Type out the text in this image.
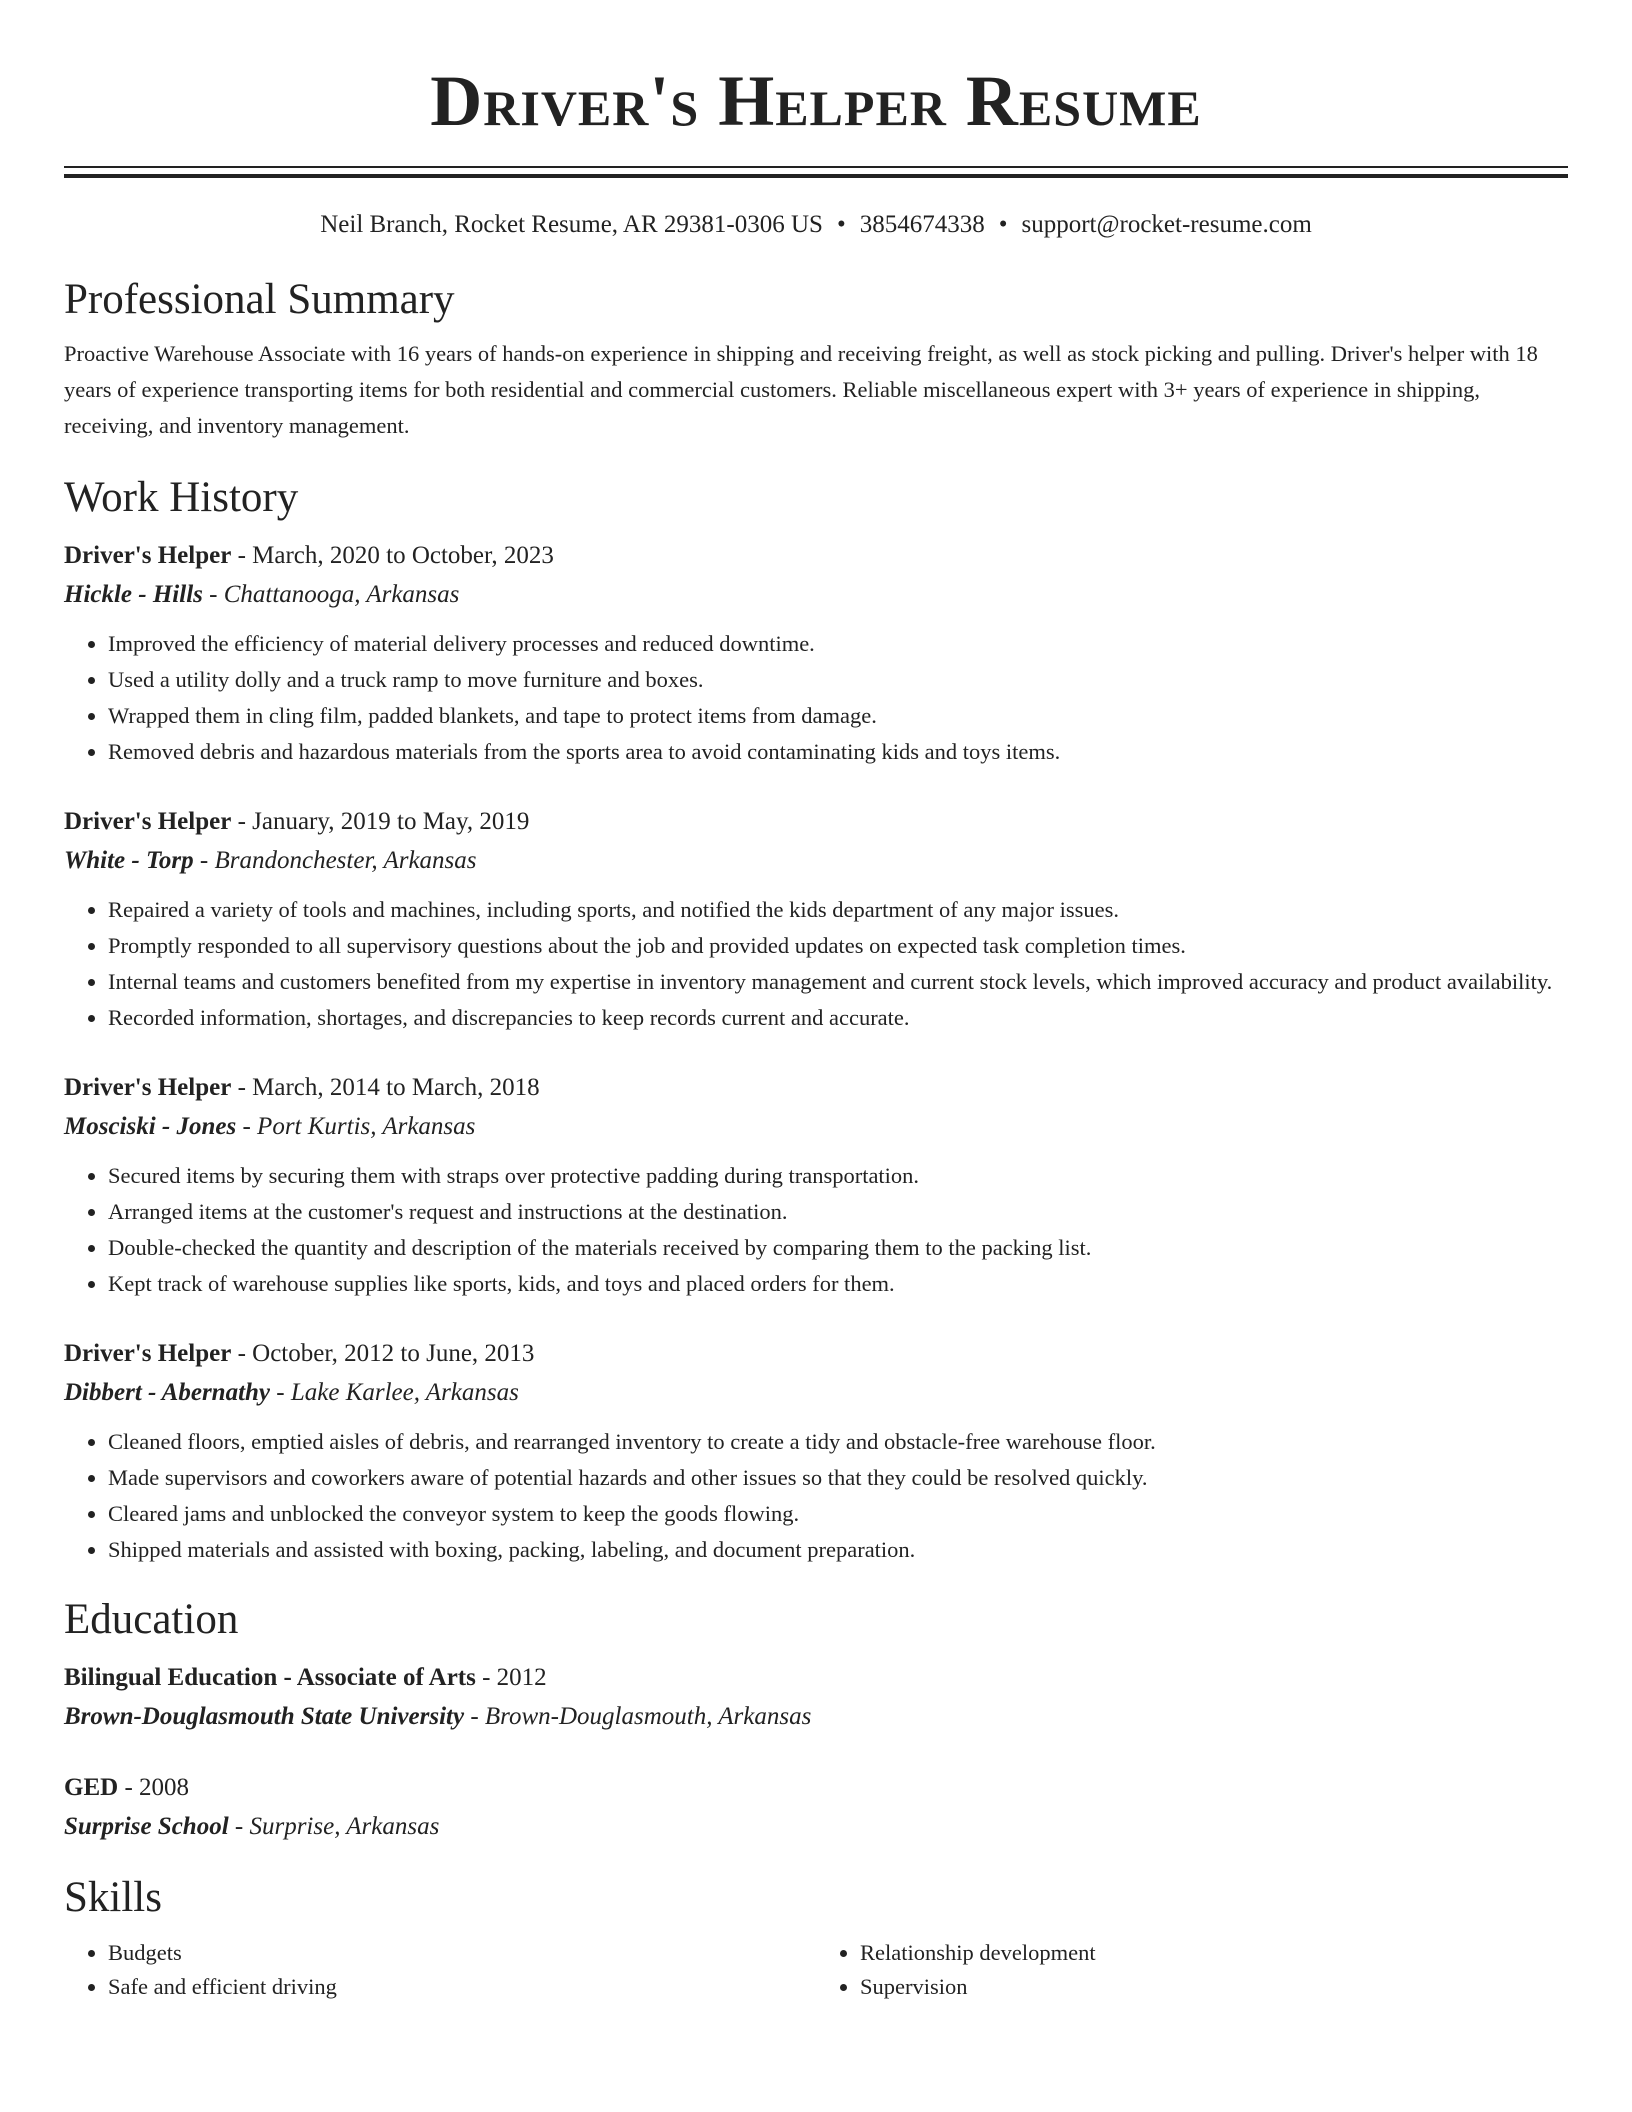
Driver's Helper Resume
Neil Branch, Rocket Resume, AR 29381-0306 US • 3854674338 • support@rocket-resume.com
Professional Summary

Proactive Warehouse Associate with 16 years of hands-on experience in shipping and receiving freight, as well as stock picking and pulling. Driver's helper with 18 years of experience transporting items for both residential and commercial customers. Reliable miscellaneous expert with 3+ years of experience in shipping, receiving, and inventory management.

Work History
Driver's Helper - March, 2020 to October, 2023
Hickle - Hills - Chattanooga, Arkansas
• Improved the efficiency of material delivery processes and reduced downtime.
• Used a utility dolly and a truck ramp to move furniture and boxes.
• Wrapped them in cling film, padded blankets, and tape to protect items from damage.
• Removed debris and hazardous materials from the sports area to avoid contaminating kids and toys items.
Driver's Helper - January, 2019 to May, 2019
White - Torp - Brandonchester, Arkansas
• Repaired a variety of tools and machines, including sports, and notified the kids department of any major issues.
• Promptly responded to all supervisory questions about the job and provided updates on expected task completion times.
• Internal teams and customers benefited from my expertise in inventory management and current stock levels, which improved accuracy and product availability.
• Recorded information, shortages, and discrepancies to keep records current and accurate.
Driver's Helper - March, 2014 to March, 2018
Mosciski - Jones - Port Kurtis, Arkansas
• Secured items by securing them with straps over protective padding during transportation.
• Arranged items at the customer's request and instructions at the destination.
• Double-checked the quantity and description of the materials received by comparing them to the packing list.
• Kept track of warehouse supplies like sports, kids, and toys and placed orders for them.
Driver's Helper - October, 2012 to June, 2013
Dibbert - Abernathy - Lake Karlee, Arkansas
• Cleaned floors, emptied aisles of debris, and rearranged inventory to create a tidy and obstacle-free warehouse floor.
• Made supervisors and coworkers aware of potential hazards and other issues so that they could be resolved quickly.
• Cleared jams and unblocked the conveyor system to keep the goods flowing.
• Shipped materials and assisted with boxing, packing, labeling, and document preparation.
Education
Bilingual Education - Associate of Arts - 2012
Brown-Douglasmouth State University - Brown-Douglasmouth, Arkansas
GED - 2008
Surprise School - Surprise, Arkansas
Skills
• Budgets
• Safe and efficient driving
• Relationship development
• Supervision
